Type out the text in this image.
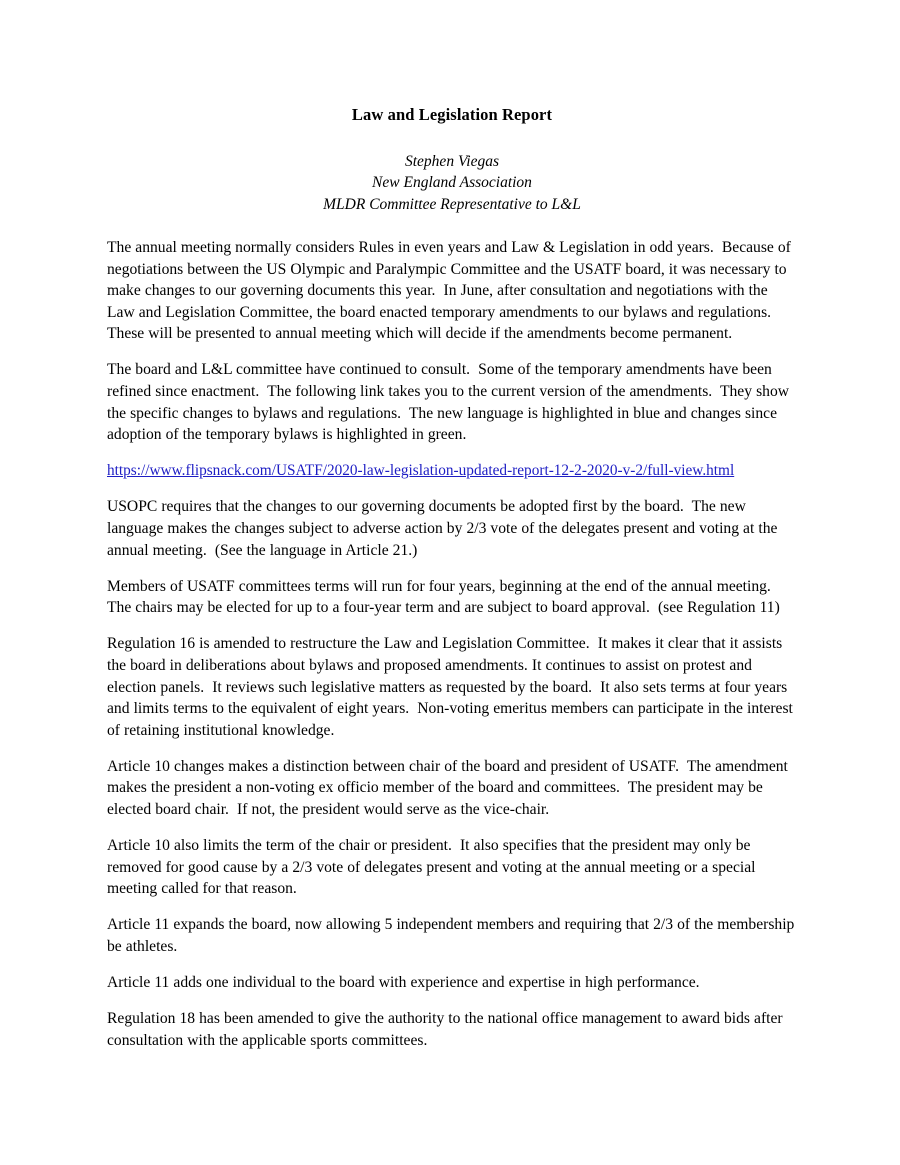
Law and Legislation Report
Stephen Viegas
New England Association
MLDR Committee Representative to L&L

The annual meeting normally considers Rules in even years and Law & Legislation in odd years.  Because of negotiations between the US Olympic and Paralympic Committee and the USATF board, it was necessary to make changes to our governing documents this year.  In June, after consultation and negotiations with the Law and Legislation Committee, the board enacted temporary amendments to our bylaws and regulations.  These will be presented to annual meeting which will decide if the amendments become permanent.

The board and L&L committee have continued to consult.  Some of the temporary amendments have been refined since enactment.  The following link takes you to the current version of the amendments.  They show the specific changes to bylaws and regulations.  The new language is highlighted in blue and changes since adoption of the temporary bylaws is highlighted in green.

https://www.flipsnack.com/USATF/2020-law-legislation-updated-report-12-2-2020-v-2/full-view.html

USOPC requires that the changes to our governing documents be adopted first by the board.  The new language makes the changes subject to adverse action by 2/3 vote of the delegates present and voting at the annual meeting.  (See the language in Article 21.)

Members of USATF committees terms will run for four years, beginning at the end of the annual meeting.  The chairs may be elected for up to a four-year term and are subject to board approval.  (see Regulation 11)

Regulation 16 is amended to restructure the Law and Legislation Committee.  It makes it clear that it assists the board in deliberations about bylaws and proposed amendments. It continues to assist on protest and election panels.  It reviews such legislative matters as requested by the board.  It also sets terms at four years and limits terms to the equivalent of eight years.  Non-voting emeritus members can participate in the interest of retaining institutional knowledge.

Article 10 changes makes a distinction between chair of the board and president of USATF.  The amendment makes the president a non-voting ex officio member of the board and committees.  The president may be elected board chair.  If not, the president would serve as the vice-chair.

Article 10 also limits the term of the chair or president.  It also specifies that the president may only be removed for good cause by a 2/3 vote of delegates present and voting at the annual meeting or a special meeting called for that reason.

Article 11 expands the board, now allowing 5 independent members and requiring that 2/3 of the membership be athletes.

Article 11 adds one individual to the board with experience and expertise in high performance.

Regulation 18 has been amended to give the authority to the national office management to award bids after consultation with the applicable sports committees.
